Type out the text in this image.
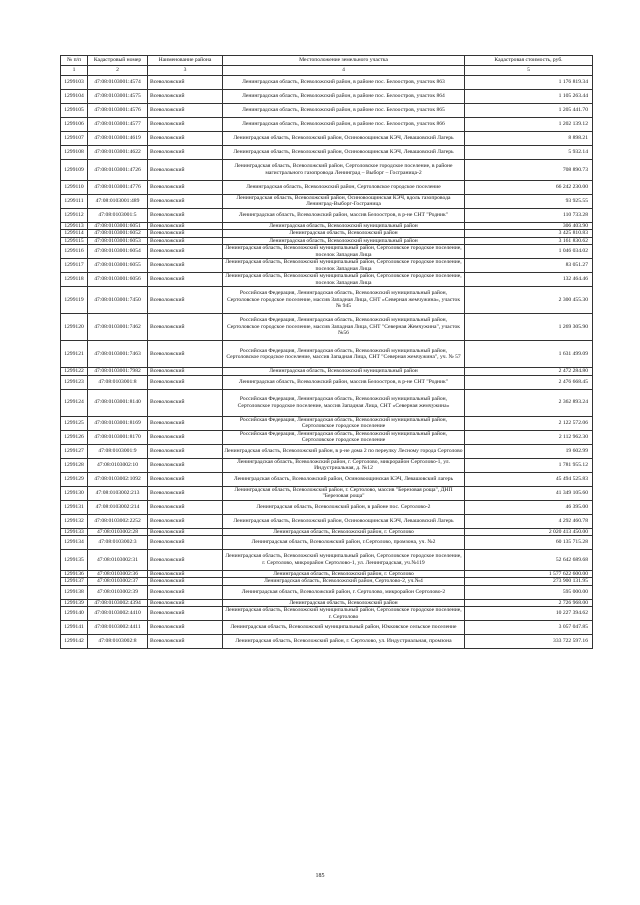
№ п/п	Кадастровый номер	Наименование района	Местоположение земельного участка	Кадастровая стоимость, руб.
1	2	3	4	5
1299103	47:08:0103001:4574	Всеволожский	Ленинградская область, Всеволожский район, в районе пос. Белоостров, участок 863	1 176 819.34
1299104	47:08:0103001:4575	Всеволожский	Ленинградская область, Всеволожский район, в районе пос. Белоостров, участок 864	1 105 263.44
1299105	47:08:0103001:4576	Всеволожский	Ленинградская область, Всеволожский район, в районе пос. Белоостров, участок 865	1 205 441.70
1299106	47:08:0103001:4577	Всеволожский	Ленинградская область, Всеволожский район, в районе пос. Белоостров, участок 866	1 202 139.12
1299107	47:08:0103001:4619	Всеволожский	Ленинградская область, Всеволожский район, Осиновоощинская КЭЧ, Левашовский Лагерь	8 898.21
1299108	47:08:0103001:4622	Всеволожский	Ленинградская область, Всеволожский район, Осиновоощинская КЭЧ, Левашовский Лагерь	5 932.14
1299109	47:08:0103001:4726	Всеволожский	Ленинградская область, Всеволожский район, Сертоловское городское поселение, в районе магистрального газопровода Ленинград – Выборг – Госграница-2	708 890.73
1299110	47:08:0103001:4776	Всеволожский	Ленинградская область, Всеволожский район, Сертоловское городское поселение	66 242 230.00
1299111	47:08:0103001:489	Всеволожский	Ленинградская область, Всеволожский район, Осиновоощинская КЭЧ, вдоль газопровода Ленинград-Выборг-Госграница	93 925.55
1299112	47:08:0103001:5	Всеволожский	Ленинградская область, Всеволожский район, массив Белоостров, в р-не СНТ "Родник"	110 733.28
1299113	47:08:0103001:6051	Всеволожский	Ленинградская область, Всеволожский муниципальный район	306 403.90
1299114	47:08:0103001:6052	Всеволожский	Ленинградская область, Всеволожский район	3 425 810.83
1299115	47:08:0103001:6053	Всеволожский	Ленинградская область, Всеволожский муниципальный район	3 161 830.62
1299116	47:08:0103001:6054	Всеволожский	Ленинградская область, Всеволожский муниципальный район, Сертоловское городское поселение, поселок Западная Лица	1 046 034.02
1299117	47:08:0103001:6055	Всеволожский	Ленинградская область, Всеволожский муниципальный район, Сертоловское городское поселение, поселок Западная Лица	83 051.27
1299118	47:08:0103001:6056	Всеволожский	Ленинградская область, Всеволожский муниципальный район, Сертоловское городское поселение, поселок Западная Лица	132 464.46
1299119	47:08:0103001:7450	Всеволожский	Российская Федерация, Ленинградская область, Всеволожский муниципальный район, Сертоловское городское поселение, массив Западная Лица, СНТ «Северная жемчужина», участок № 945	2 300 455.30
1299120	47:08:0103001:7462	Всеволожский	Российская Федерация, Ленинградская область, Всеволожский муниципальный район, Сертоловское городское поселение, массив Западная Лица, СНТ "Северная Жемчужина", участок №56	1 269 305.90
1299121	47:08:0103001:7463	Всеволожский	Российская Федерация, Ленинградская область, Всеволожский муниципальный район, Сертоловское городское поселение, массив Западная Лица, СНТ "Северная жемчужина", уч. № 57	1 631 499.09
1299122	47:08:0103001:7982	Всеволожский	Ленинградская область, Всеволожский муниципальный район	2 472 284.80
1299123	47:08:0103001:8	Всеволожский	Ленинградская область, Всеволожский район, массив Белоостров, в р-не СНТ "Родник"	2 476 668.45
1299124	47:08:0103001:8140	Всеволожский	Российская Федерация, Ленинградская область, Всеволожский муниципальный район, Сертоловское городское поселение, массив Западная Лица, СНТ «Северная жемчужина»	2 362 893.24
1299125	47:08:0103001:8169	Всеволожский	Российская Федерация, Ленинградская область, Всеволожский муниципальный район, Сертоловское городское поселение	2 122 572.06
1299126	47:08:0103001:8170	Всеволожский	Российская Федерация, Ленинградская область, Всеволожский муниципальный район, Сертоловское городское поселение	2 112 962.30
1299127	47:08:0103001:9	Всеволожский	Ленинградская область, Всеволожский район, в р-не дома 2 по переулку Лесному города Сертолово	19 602.99
1299128	47:08:0103002:10	Всеволожский	Ленинградская область, Всеволожский район, г. Сертолово, микрорайон Сертолово-1, ул. Индустриальная, д. №12	1 781 955.12
1299129	47:08:0103002:1092	Всеволожский	Ленинградская область, Всеволожский район, Осиновоощинская КЭЧ, Левашовский лагерь	45 494 525.83
1299130	47:08:0103002:213	Всеволожский	Ленинградская область, Всеволожский район, г. Сертолово, массив "Березовая роща", ДНП "Березовая роща"	41 349 105.60
1299131	47:08:0103002:214	Всеволожский	Ленинградская область, Всеволожский район, в районе пос. Сертолово-2	46 395.00
1299132	47:08:0103002:2252	Всеволожский	Ленинградская область, Всеволожский район, Осиновоощинская КЭЧ, Левашовский Лагерь	4 292 460.78
1299133	47:08:0103002:28	Всеволожский	Ленинградская область, Всеволожский район, г. Сертолово	2 020 413 450.00
1299134	47:08:0103002:3	Всеволожский	Ленинградская область, Всеволожский район, г.Сертолово, промзона, уч. №2	60 135 715.28
1299135	47:08:0103002:31	Всеволожский	Ленинградская область, Всеволожский муниципальный район, Сертоловское городское поселение, г. Сертолово, микрорайон Сертолово-1, ул. Ленинградская, уч.№119	52 642 689.68
1299136	47:08:0103002:36	Всеволожский	Ленинградская область, Всеволожский район, г. Сертолово	1 577 622 600.00
1299137	47:08:0103002:37	Всеволожский	Ленинградская область, Всеволожский район, Сертолово-2, уч.№4	273 900 131.95
1299138	47:08:0103002:39	Всеволожский	Ленинградская область, Всеволожский район, г. Сертолово, микрорайон Сертолово-2	595 000.00
1299139	47:08:0103002:4394	Всеволожский	Ленинградская область, Всеволожский район	2 726 968.00
1299140	47:08:0103002:4410	Всеволожский	Ленинградская область, Всеволожский муниципальный район, Сертоловское городское поселение, г. Сертолово	10 227 394.62
1299141	47:08:0103002:4411	Всеволожский	Ленинградская область, Всеволожский муниципальный район, Юкковское сельское поселение	3 057 047.85
1299142	47:08:0103002:8	Всеволожский	Ленинградская область, Всеволожский район, г. Сертолово, ул. Индустриальная, промзона	333 722 597.16
185
